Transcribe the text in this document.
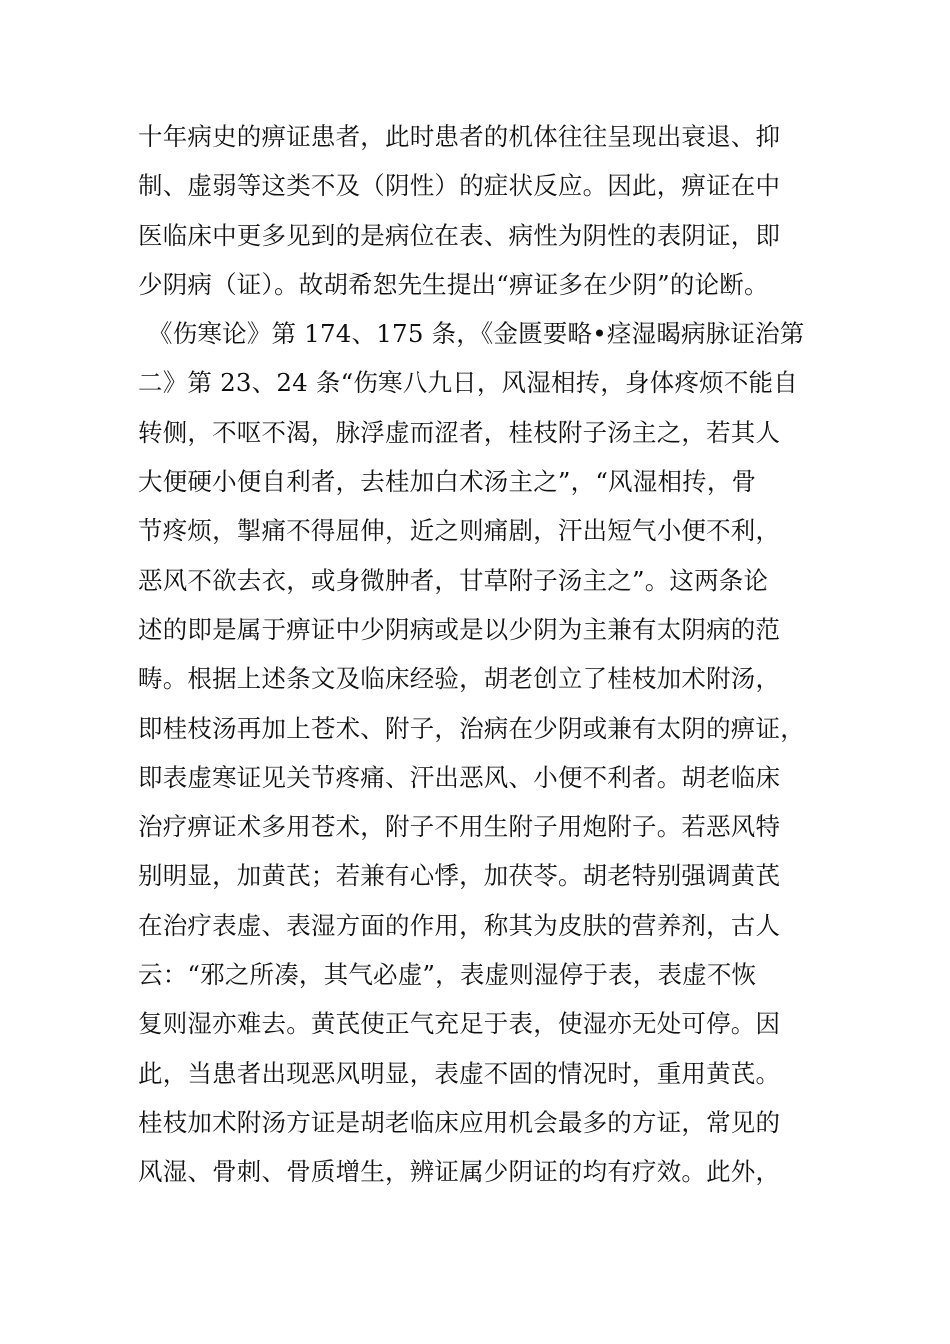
十年病史的痹证患者，此时患者的机体往往呈现出衰退、抑
制、虚弱等这类不及（阴性）的症状反应。因此，痹证在中
医临床中更多见到的是病位在表、病性为阴性的表阴证，即
少阴病（证）。故胡希恕先生提出“痹证多在少阴”的论断。
《伤寒论》第 174、175 条，《金匮要略•痉湿暍病脉证治第
二》第 23、24 条“伤寒八九日，风湿相抟，身体疼烦不能自
转侧，不呕不渴，脉浮虚而涩者，桂枝附子汤主之，若其人
大便硬小便自利者，去桂加白术汤主之”，“风湿相抟，骨
节疼烦，掣痛不得屈伸，近之则痛剧，汗出短气小便不利，
恶风不欲去衣，或身微肿者，甘草附子汤主之”。这两条论
述的即是属于痹证中少阴病或是以少阴为主兼有太阴病的范
畴。根据上述条文及临床经验，胡老创立了桂枝加术附汤，
即桂枝汤再加上苍术、附子，治病在少阴或兼有太阴的痹证，
即表虚寒证见关节疼痛、汗出恶风、小便不利者。胡老临床
治疗痹证术多用苍术，附子不用生附子用炮附子。若恶风特
别明显，加黄芪；若兼有心悸，加茯苓。胡老特别强调黄芪
在治疗表虚、表湿方面的作用，称其为皮肤的营养剂，古人
云：“邪之所凑，其气必虚”，表虚则湿停于表，表虚不恢
复则湿亦难去。黄芪使正气充足于表，使湿亦无处可停。因
此，当患者出现恶风明显，表虚不固的情况时，重用黄芪。
桂枝加术附汤方证是胡老临床应用机会最多的方证，常见的
风湿、骨刺、骨质增生，辨证属少阴证的均有疗效。此外，
